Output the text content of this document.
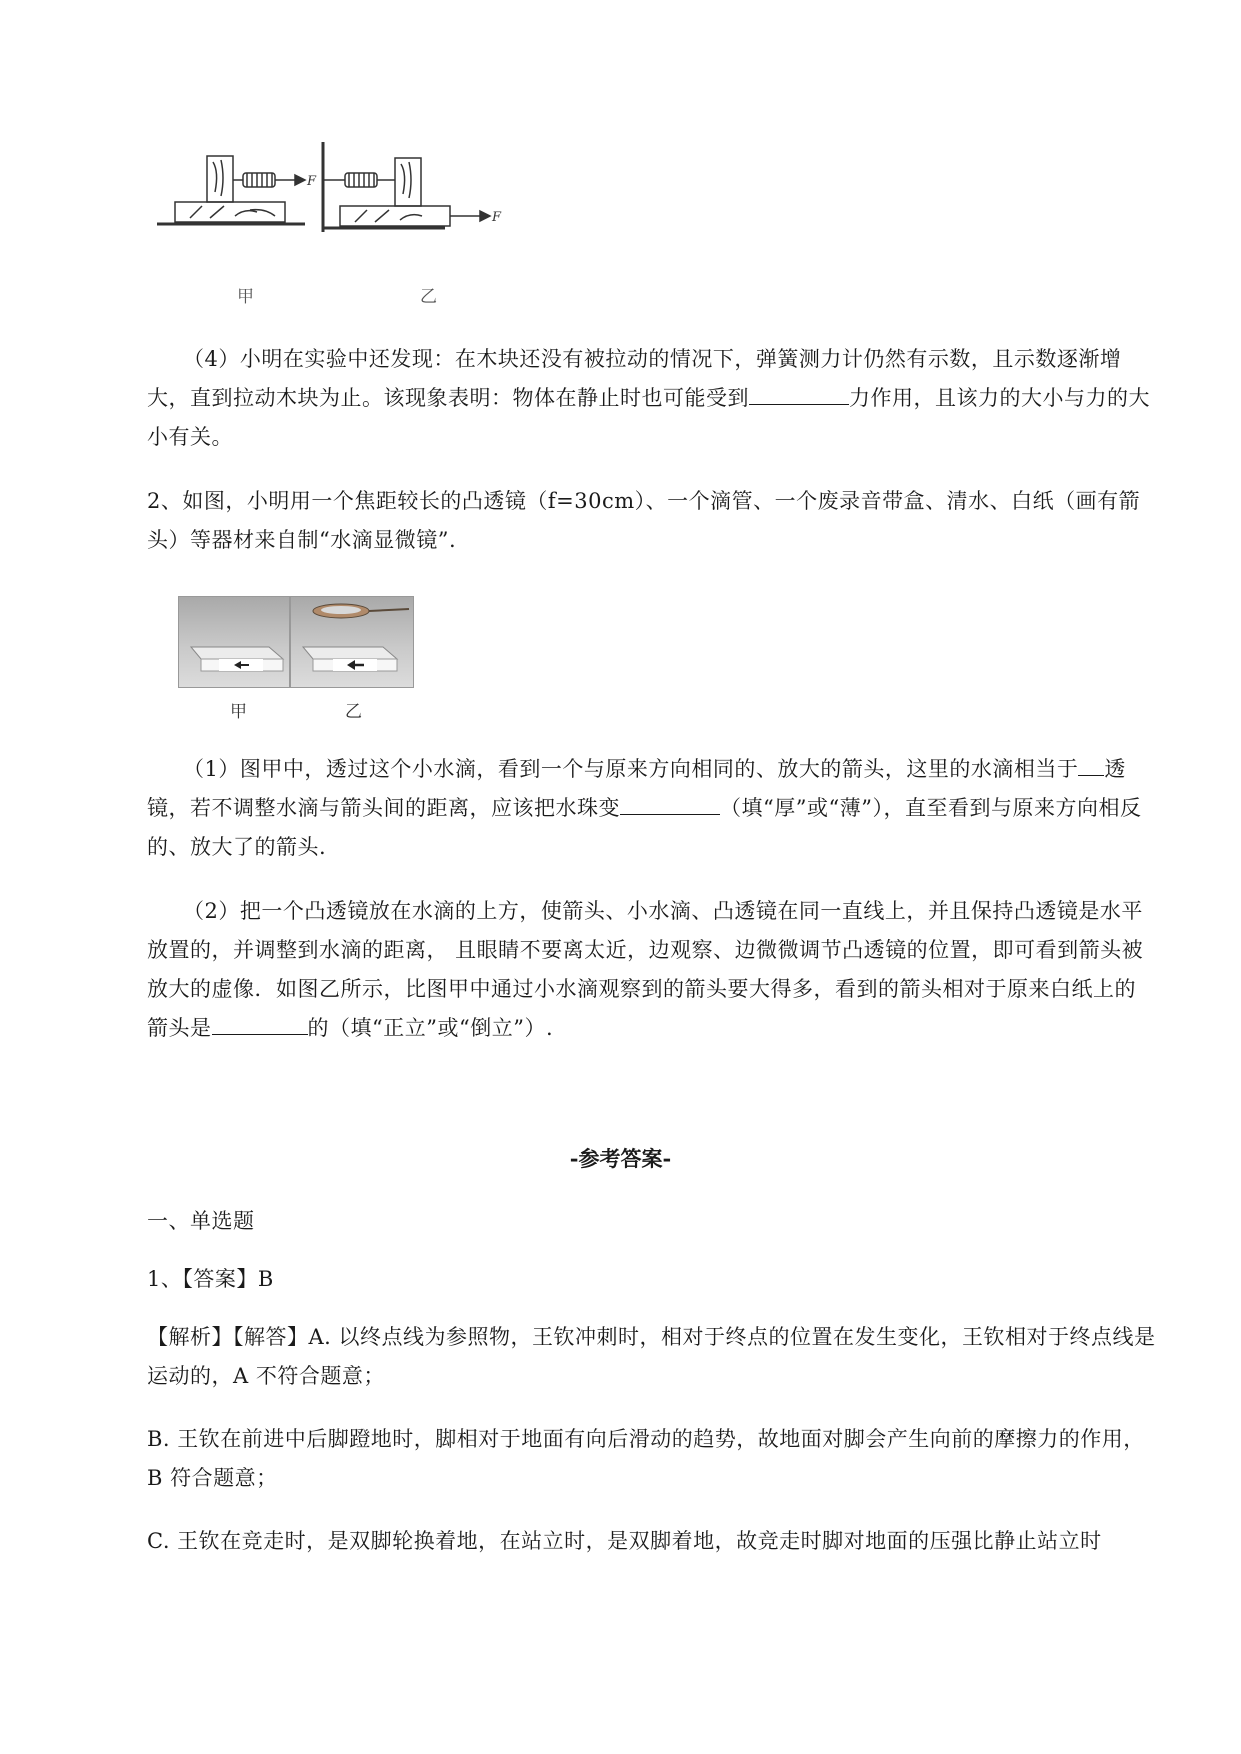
F
F
甲	乙

（4）小明在实验中还发现：在木块还没有被拉动的情况下，弹簧测力计仍然有示数，且示数逐渐增大，直到拉动木块为止。该现象表明：物体在静止时也可能受到	力作用，且该力的大小与力的大小有关。

2、如图，小明用一个焦距较长的凸透镜（f=30cm）、一个滴管、一个废录音带盒、清水、白纸（画有箭头）等器材来自制“水滴显微镜”.

甲	乙

（1）图甲中，透过这个小水滴，看到一个与原来方向相同的、放大的箭头，这里的水滴相当于 透镜，若不调整水滴与箭头间的距离，应该把水珠变	（填“厚”或“薄”），直至看到与原来方向相反的、放大了的箭头.

（2）把一个凸透镜放在水滴的上方，使箭头、小水滴、凸透镜在同一直线上，并且保持凸透镜是水平放置的，并调整到水滴的距离， 且眼睛不要离太近，边观察、边微微调节凸透镜的位置，即可看到箭头被放大的虚像．如图乙所示，比图甲中通过小水滴观察到的箭头要大得多，看到的箭头相对于原来白纸上的箭头是	的（填“正立”或“倒立”）.

-参考答案-

一、单选题

1、【答案】B

【解析】【解答】A. 以终点线为参照物，王钦冲刺时，相对于终点的位置在发生变化，王钦相对于终点线是运动的，A 不符合题意；

B. 王钦在前进中后脚蹬地时，脚相对于地面有向后滑动的趋势，故地面对脚会产生向前的摩擦力的作用，B 符合题意；

C. 王钦在竞走时，是双脚轮换着地，在站立时，是双脚着地，故竞走时脚对地面的压强比静止站立时
